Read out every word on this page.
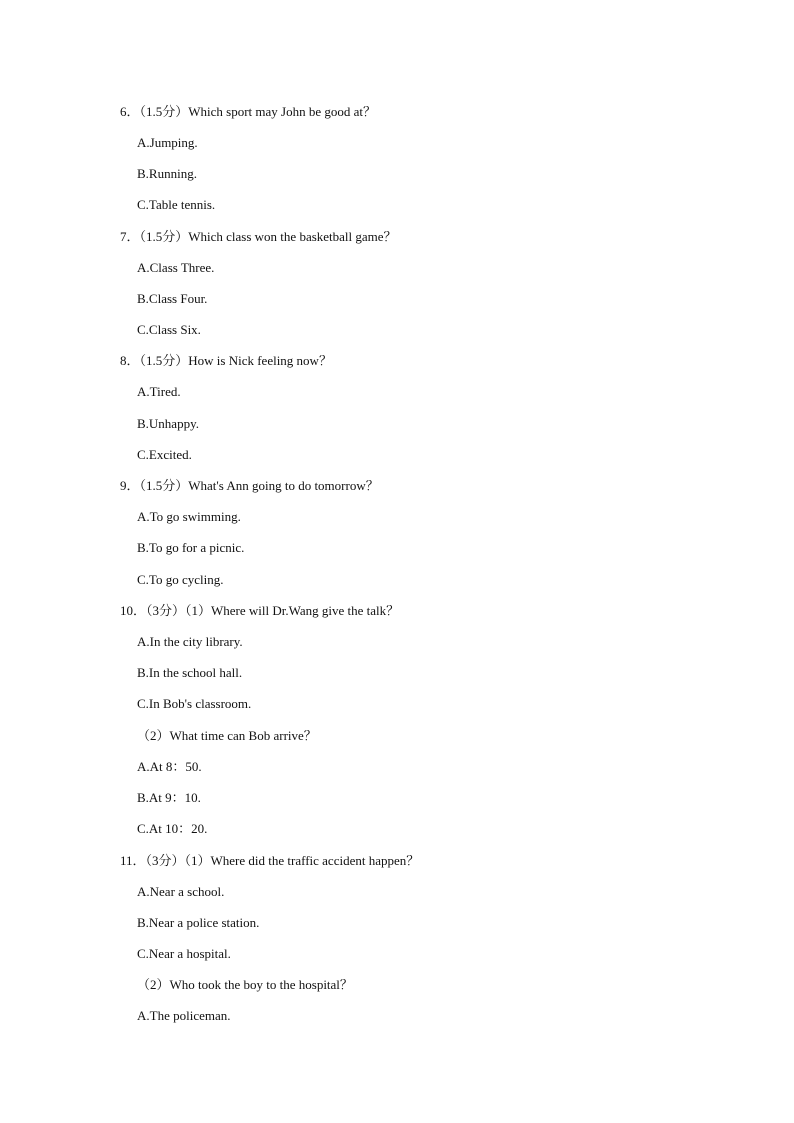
6．（1.5分）Which sport may John be good at？
A.Jumping.
B.Running.
C.Table tennis.
7．（1.5分）Which class won the basketball game？
A.Class Three.
B.Class Four.
C.Class Six.
8．（1.5分）How is Nick feeling now？
A.Tired.
B.Unhappy.
C.Excited.
9．（1.5分）What's Ann going to do tomorrow？
A.To go swimming.
B.To go for a picnic.
C.To go cycling.
10．（3分）（1）Where will Dr.Wang give the talk？
A.In the city library.
B.In the school hall.
C.In Bob's classroom.
（2）What time can Bob arrive？
A.At 8：50.
B.At 9：10.
C.At 10：20.
11．（3分）（1）Where did the traffic accident happen？
A.Near a school.
B.Near a police station.
C.Near a hospital.
（2）Who took the boy to the hospital？
A.The policeman.
